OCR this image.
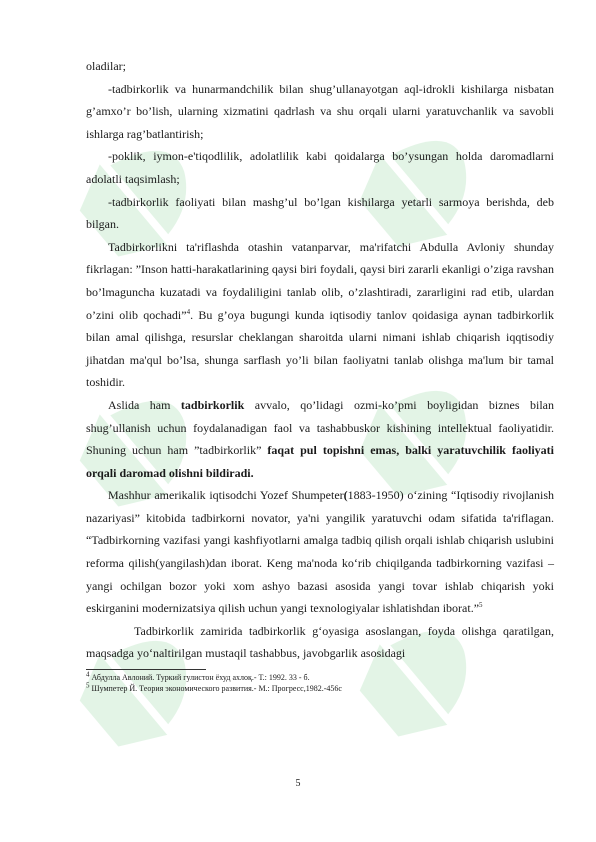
oladilar;

-tadbirkorlik va hunarmandchilik bilan shug’ullanayotgan aql-idrokli kishilarga nisbatan g’amxo’r bo’lish, ularning xizmatini qadrlash va shu orqali ularni yaratuvchanlik va savobli ishlarga rag’batlantirish;

-poklik, iymon-e'tiqodlilik, adolatlilik kabi qoidalarga bo’ysungan holda daromadlarni adolatli taqsimlash;

-tadbirkorlik faoliyati bilan mashg’ul bo’lgan kishilarga yetarli sarmoya berishda, deb bilgan.

Tadbirkorlikni ta'riflashda otashin vatanparvar, ma'rifatchi Abdulla Avloniy shunday fikrlagan: ”Inson hatti-harakatlarining qaysi biri foydali, qaysi biri zararli ekanligi o’ziga ravshan bo’lmaguncha kuzatadi va foydaliligini tanlab olib, o’zlashtiradi, zararligini rad etib, ulardan o’zini olib qochadi”$^4$. Bu g’oya bugungi kunda iqtisodiy tanlov qoidasiga aynan tadbirkorlik bilan amal qilishga, resurslar cheklangan sharoitda ularni nimani ishlab chiqarish iqqtisodiy jihatdan ma'qul bo’lsa, shunga sarflash yo’li bilan faoliyatni tanlab olishga ma'lum bir tamal toshidir.

Aslida ham tadbirkorlik avvalo, qo’lidagi ozmi-ko’pmi boyligidan biznes bilan shug’ullanish uchun foydalanadigan faol va tashabbuskor kishining intellektual faoliyatidir. Shuning uchun ham ”tadbirkorlik” faqat pul topishni emas, balki yaratuvchilik faoliyati orqali daromad olishni bildiradi.

Mashhur amerikalik iqtisodchi Yozef Shumpeter(1883-1950) o‘zining “Iqtisodiy rivojlanish nazariyasi” kitobida tadbirkorni novator, ya'ni yangilik yaratuvchi odam sifatida ta'riflagan. “Tadbirkorning vazifasi yangi kashfiyotlarni amalga tadbiq qilish orqali ishlab chiqarish uslubini reforma qilish(yangilash)dan iborat. Keng ma'noda ko‘rib chiqilganda tadbirkorning vazifasi – yangi ochilgan bozor yoki xom ashyo bazasi asosida yangi tovar ishlab chiqarish yoki eskirganini modernizatsiya qilish uchun yangi texnologiyalar ishlatishdan iborat.”$^5$

Tadbirkorlik zamirida tadbirkorlik g‘oyasiga asoslangan, foyda olishga qaratilgan, maqsadga yo‘naltirilgan mustaqil tashabbus, javobgarlik asosidagi

$^4$ Абдулла Авлоний. Туркий гулистон ёхуд ахлоқ.- Т.: 1992. 33 - б.
$^5$ Шумпетер Й. Теория экономического развития.- М.: Прогресс,1982.-456с
5
